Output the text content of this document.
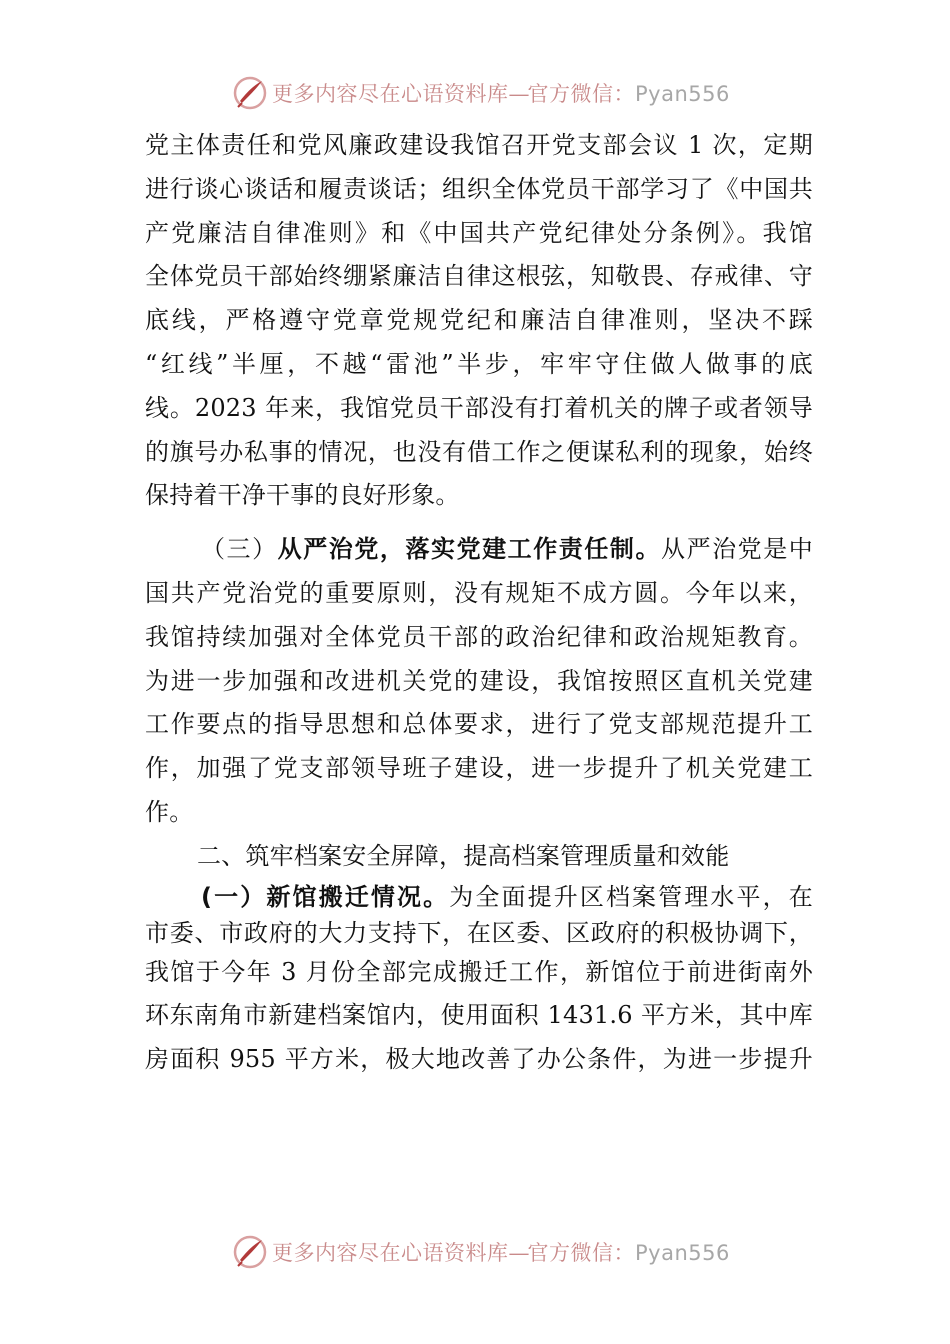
更多内容尽在心语资料库—官方微信：Pyan556
党主体责任和党风廉政建设我馆召开党支部会议 1 次，定期
进行谈心谈话和履责谈话；组织全体党员干部学习了《中国共
产党廉洁自律准则》和《中国共产党纪律处分条例》。我馆
全体党员干部始终绷紧廉洁自律这根弦，知敬畏、存戒律、守
底线，严格遵守党章党规党纪和廉洁自律准则，坚决不踩
“红线”半厘，不越“雷池”半步，牢牢守住做人做事的底
线。2023 年来，我馆党员干部没有打着机关的牌子或者领导
的旗号办私事的情况，也没有借工作之便谋私利的现象，始终
保持着干净干事的良好形象。
（三）从严治党，落实党建工作责任制。从严治党是中
国共产党治党的重要原则，没有规矩不成方圆。今年以来，
我馆持续加强对全体党员干部的政治纪律和政治规矩教育。
为进一步加强和改进机关党的建设，我馆按照区直机关党建
工作要点的指导思想和总体要求，进行了党支部规范提升工
作，加强了党支部领导班子建设，进一步提升了机关党建工
作。
二、筑牢档案安全屏障，提高档案管理质量和效能
(一）新馆搬迁情况。为全面提升区档案管理水平，在
市委、市政府的大力支持下，在区委、区政府的积极协调下，
我馆于今年 3 月份全部完成搬迁工作，新馆位于前进街南外
环东南角市新建档案馆内，使用面积 1431.6 平方米，其中库
房面积 955 平方米，极大地改善了办公条件，为进一步提升
更多内容尽在心语资料库—官方微信：Pyan556
